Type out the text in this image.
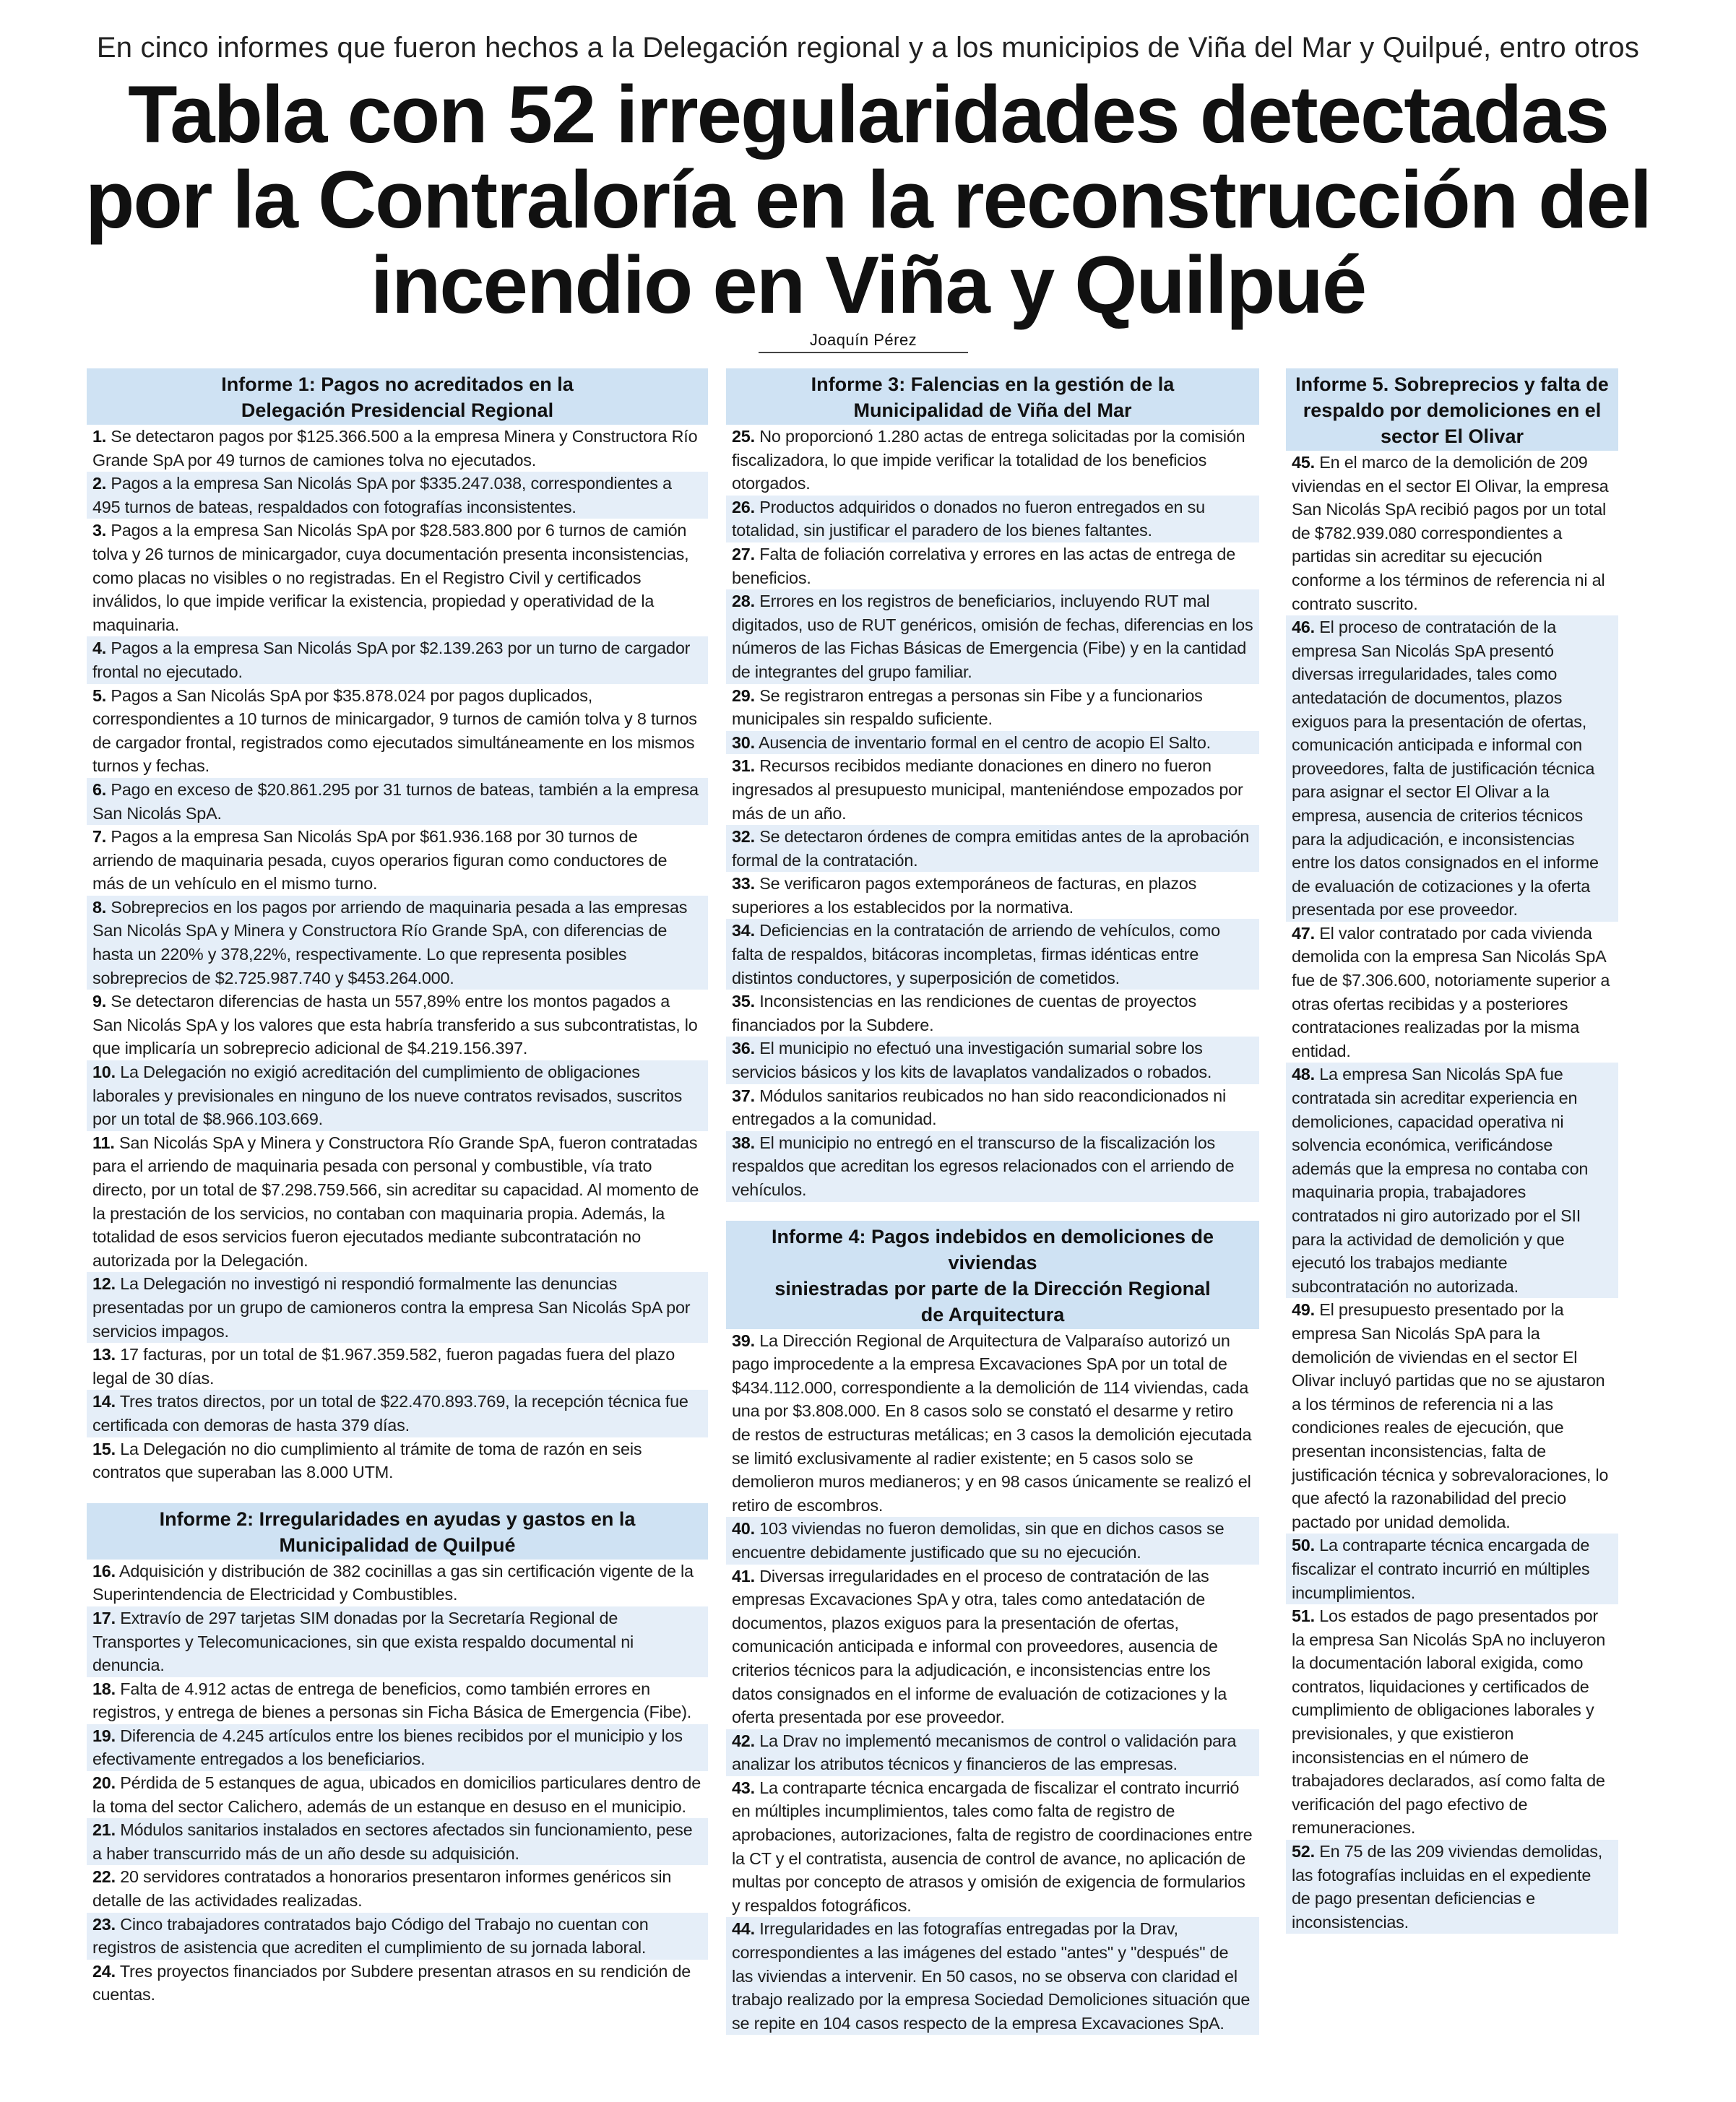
En cinco informes que fueron hechos a la Delegación regional y a los municipios de Viña del Mar y Quilpué, entro otros
Tabla con 52 irregularidades detectadas
por la Contraloría en la reconstrucción del
incendio en Viña y Quilpué
Joaquín Pérez
Informe 1: Pagos no acreditados en la
Delegación Presidencial Regional
1. Se detectaron pagos por $125.366.500 a la empresa Minera y Constructora Río Grande SpA por 49 turnos de camiones tolva no ejecutados.
2. Pagos a la empresa San Nicolás SpA por $335.247.038, correspondientes a 495 turnos de bateas, respaldados con fotografías inconsistentes.
3. Pagos a la empresa San Nicolás SpA por $28.583.800 por 6 turnos de camión tolva y 26 turnos de minicargador, cuya documentación presenta inconsistencias, como placas no visibles o no registradas. En el Registro Civil y certificados inválidos, lo que impide verificar la existencia, propiedad y operatividad de la maquinaria.
4. Pagos a la empresa San Nicolás SpA por $2.139.263 por un turno de cargador frontal no ejecutado.
5. Pagos a San Nicolás SpA por $35.878.024 por pagos duplicados, correspondientes a 10 turnos de minicargador, 9 turnos de camión tolva y 8 turnos de cargador frontal, registrados como ejecutados simultáneamente en los mismos turnos y fechas.
6. Pago en exceso de $20.861.295 por 31 turnos de bateas, también a la empresa San Nicolás SpA.
7. Pagos a la empresa San Nicolás SpA por $61.936.168 por 30 turnos de arriendo de maquinaria pesada, cuyos operarios figuran como conductores de más de un vehículo en el mismo turno.
8. Sobreprecios en los pagos por arriendo de maquinaria pesada a las empresas San Nicolás SpA y Minera y Constructora Río Grande SpA, con diferencias de hasta un 220% y 378,22%, respectivamente. Lo que representa posibles sobreprecios de $2.725.987.740 y $453.264.000.
9. Se detectaron diferencias de hasta un 557,89% entre los montos pagados a San Nicolás SpA y los valores que esta habría transferido a sus subcontratistas, lo que implicaría un sobreprecio adicional de $4.219.156.397.
10. La Delegación no exigió acreditación del cumplimiento de obligaciones laborales y previsionales en ninguno de los nueve contratos revisados, suscritos por un total de $8.966.103.669.
11. San Nicolás SpA y Minera y Constructora Río Grande SpA, fueron contratadas para el arriendo de maquinaria pesada con personal y combustible, vía trato directo, por un total de $7.298.759.566, sin acreditar su capacidad. Al momento de la prestación de los servicios, no contaban con maquinaria propia. Además, la totalidad de esos servicios fueron ejecutados mediante subcontratación no autorizada por la Delegación.
12. La Delegación no investigó ni respondió formalmente las denuncias presentadas por un grupo de camioneros contra la empresa San Nicolás SpA por servicios impagos.
13. 17 facturas, por un total de $1.967.359.582, fueron pagadas fuera del plazo legal de 30 días.
14. Tres tratos directos, por un total de $22.470.893.769, la recepción técnica fue certificada con demoras de hasta 379 días.
15. La Delegación no dio cumplimiento al trámite de toma de razón en seis contratos que superaban las 8.000 UTM.
Informe 2: Irregularidades en ayudas y gastos en la
Municipalidad de Quilpué
16. Adquisición y distribución de 382 cocinillas a gas sin certificación vigente de la Superintendencia de Electricidad y Combustibles.
17. Extravío de 297 tarjetas SIM donadas por la Secretaría Regional de Transportes y Telecomunicaciones, sin que exista respaldo documental ni denuncia.
18. Falta de 4.912 actas de entrega de beneficios, como también errores en registros, y entrega de bienes a personas sin Ficha Básica de Emergencia (Fibe).
19. Diferencia de 4.245 artículos entre los bienes recibidos por el municipio y los efectivamente entregados a los beneficiarios.
20. Pérdida de 5 estanques de agua, ubicados en domicilios particulares dentro de la toma del sector Calichero, además de un estanque en desuso en el municipio.
21. Módulos sanitarios instalados en sectores afectados sin funcionamiento, pese a haber transcurrido más de un año desde su adquisición.
22. 20 servidores contratados a honorarios presentaron informes genéricos sin detalle de las actividades realizadas.
23. Cinco trabajadores contratados bajo Código del Trabajo no cuentan con registros de asistencia que acrediten el cumplimiento de su jornada laboral.
24. Tres proyectos financiados por Subdere presentan atrasos en su rendición de cuentas.
Informe 3: Falencias en la gestión de la
Municipalidad de Viña del Mar
25. No proporcionó 1.280 actas de entrega solicitadas por la comisión fiscalizadora, lo que impide verificar la totalidad de los beneficios otorgados.
26. Productos adquiridos o donados no fueron entregados en su totalidad, sin justificar el paradero de los bienes faltantes.
27. Falta de foliación correlativa y errores en las actas de entrega de beneficios.
28. Errores en los registros de beneficiarios, incluyendo RUT mal digitados, uso de RUT genéricos, omisión de fechas, diferencias en los números de las Fichas Básicas de Emergencia (Fibe) y en la cantidad de integrantes del grupo familiar.
29. Se registraron entregas a personas sin Fibe y a funcionarios municipales sin respaldo suficiente.
30. Ausencia de inventario formal en el centro de acopio El Salto.
31. Recursos recibidos mediante donaciones en dinero no fueron ingresados al presupuesto municipal, manteniéndose empozados por más de un año.
32. Se detectaron órdenes de compra emitidas antes de la aprobación formal de la contratación.
33. Se verificaron pagos extemporáneos de facturas, en plazos superiores a los establecidos por la normativa.
34. Deficiencias en la contratación de arriendo de vehículos, como falta de respaldos, bitácoras incompletas, firmas idénticas entre distintos conductores, y superposición de cometidos.
35. Inconsistencias en las rendiciones de cuentas de proyectos financiados por la Subdere.
36. El municipio no efectuó una investigación sumarial sobre los servicios básicos y los kits de lavaplatos vandalizados o robados.
37. Módulos sanitarios reubicados no han sido reacondicionados ni entregados a la comunidad.
38. El municipio no entregó en el transcurso de la fiscalización los respaldos que acreditan los egresos relacionados con el arriendo de vehículos.
Informe 4: Pagos indebidos en demoliciones de viviendas
siniestradas por parte de la Dirección Regional
de Arquitectura
39. La Dirección Regional de Arquitectura de Valparaíso autorizó un pago improcedente a la empresa Excavaciones SpA por un total de $434.112.000, correspondiente a la demolición de 114 viviendas, cada una por $3.808.000. En 8 casos solo se constató el desarme y retiro de restos de estructuras metálicas; en 3 casos la demolición ejecutada se limitó exclusivamente al radier existente; en 5 casos solo se demolieron muros medianeros; y en 98 casos únicamente se realizó el retiro de escombros.
40. 103 viviendas no fueron demolidas, sin que en dichos casos se encuentre debidamente justificado que su no ejecución.
41. Diversas irregularidades en el proceso de contratación de las empresas Excavaciones SpA y otra, tales como antedatación de documentos, plazos exiguos para la presentación de ofertas, comunicación anticipada e informal con proveedores, ausencia de criterios técnicos para la adjudicación, e inconsistencias entre los datos consignados en el informe de evaluación de cotizaciones y la oferta presentada por ese proveedor.
42. La Drav no implementó mecanismos de control o validación para analizar los atributos técnicos y financieros de las empresas.
43. La contraparte técnica encargada de fiscalizar el contrato incurrió en múltiples incumplimientos, tales como falta de registro de aprobaciones, autorizaciones, falta de registro de coordinaciones entre la CT y el contratista, ausencia de control de avance, no aplicación de multas por concepto de atrasos y omisión de exigencia de formularios y respaldos fotográficos.
44. Irregularidades en las fotografías entregadas por la Drav, correspondientes a las imágenes del estado "antes" y "después" de las viviendas a intervenir. En 50 casos, no se observa con claridad el trabajo realizado por la empresa Sociedad Demoliciones situación que se repite en 104 casos respecto de la empresa Excavaciones SpA.
Informe 5. Sobreprecios y falta de
respaldo por demoliciones en el
sector El Olivar
45. En el marco de la demolición de 209 viviendas en el sector El Olivar, la empresa San Nicolás SpA recibió pagos por un total de $782.939.080 correspondientes a partidas sin acreditar su ejecución conforme a los términos de referencia ni al contrato suscrito.
46. El proceso de contratación de la empresa San Nicolás SpA presentó diversas irregularidades, tales como antedatación de documentos, plazos exiguos para la presentación de ofertas, comunicación anticipada e informal con proveedores, falta de justificación técnica para asignar el sector El Olivar a la empresa, ausencia de criterios técnicos para la adjudicación, e inconsistencias entre los datos consignados en el informe de evaluación de cotizaciones y la oferta presentada por ese proveedor.
47. El valor contratado por cada vivienda demolida con la empresa San Nicolás SpA fue de $7.306.600, notoriamente superior a otras ofertas recibidas y a posteriores contrataciones realizadas por la misma entidad.
48. La empresa San Nicolás SpA fue contratada sin acreditar experiencia en demoliciones, capacidad operativa ni solvencia económica, verificándose además que la empresa no contaba con maquinaria propia, trabajadores contratados ni giro autorizado por el SII para la actividad de demolición y que ejecutó los trabajos mediante subcontratación no autorizada.
49. El presupuesto presentado por la empresa San Nicolás SpA para la demolición de viviendas en el sector El Olivar incluyó partidas que no se ajustaron a los términos de referencia ni a las condiciones reales de ejecución, que presentan inconsistencias, falta de justificación técnica y sobrevaloraciones, lo que afectó la razonabilidad del precio pactado por unidad demolida.
50. La contraparte técnica encargada de fiscalizar el contrato incurrió en múltiples incumplimientos.
51. Los estados de pago presentados por la empresa San Nicolás SpA no incluyeron la documentación laboral exigida, como contratos, liquidaciones y certificados de cumplimiento de obligaciones laborales y previsionales, y que existieron inconsistencias en el número de trabajadores declarados, así como falta de verificación del pago efectivo de remuneraciones.
52. En 75 de las 209 viviendas demolidas, las fotografías incluidas en el expediente de pago presentan deficiencias e inconsistencias.
